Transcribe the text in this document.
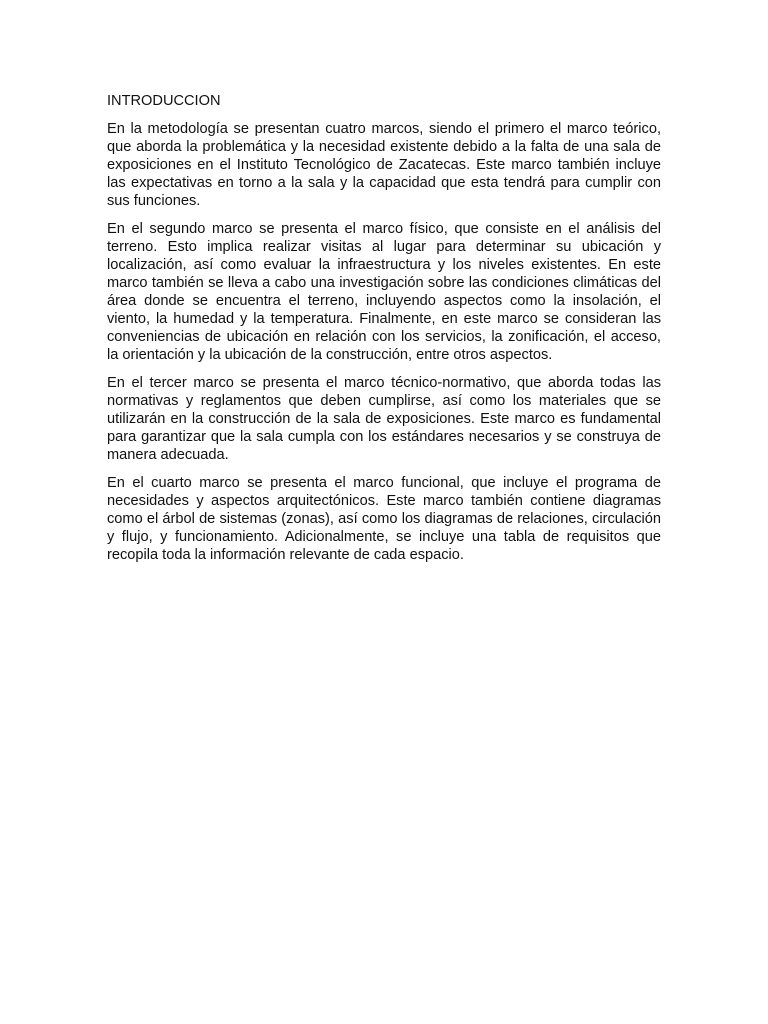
INTRODUCCION

En la metodología se presentan cuatro marcos, siendo el primero el marco teórico, que aborda la problemática y la necesidad existente debido a la falta de una sala de exposiciones en el Instituto Tecnológico de Zacatecas. Este marco también incluye las expectativas en torno a la sala y la capacidad que esta tendrá para cumplir con sus funciones.

En el segundo marco se presenta el marco físico, que consiste en el análisis del terreno. Esto implica realizar visitas al lugar para determinar su ubicación y localización, así como evaluar la infraestructura y los niveles existentes. En este marco también se lleva a cabo una investigación sobre las condiciones climáticas del área donde se encuentra el terreno, incluyendo aspectos como la insolación, el viento, la humedad y la temperatura. Finalmente, en este marco se consideran las conveniencias de ubicación en relación con los servicios, la zonificación, el acceso, la orientación y la ubicación de la construcción, entre otros aspectos.

En el tercer marco se presenta el marco técnico-normativo, que aborda todas las normativas y reglamentos que deben cumplirse, así como los materiales que se utilizarán en la construcción de la sala de exposiciones. Este marco es fundamental para garantizar que la sala cumpla con los estándares necesarios y se construya de manera adecuada.

En el cuarto marco se presenta el marco funcional, que incluye el programa de necesidades y aspectos arquitectónicos. Este marco también contiene diagramas como el árbol de sistemas (zonas), así como los diagramas de relaciones, circulación y flujo, y funcionamiento. Adicionalmente, se incluye una tabla de requisitos que recopila toda la información relevante de cada espacio.
